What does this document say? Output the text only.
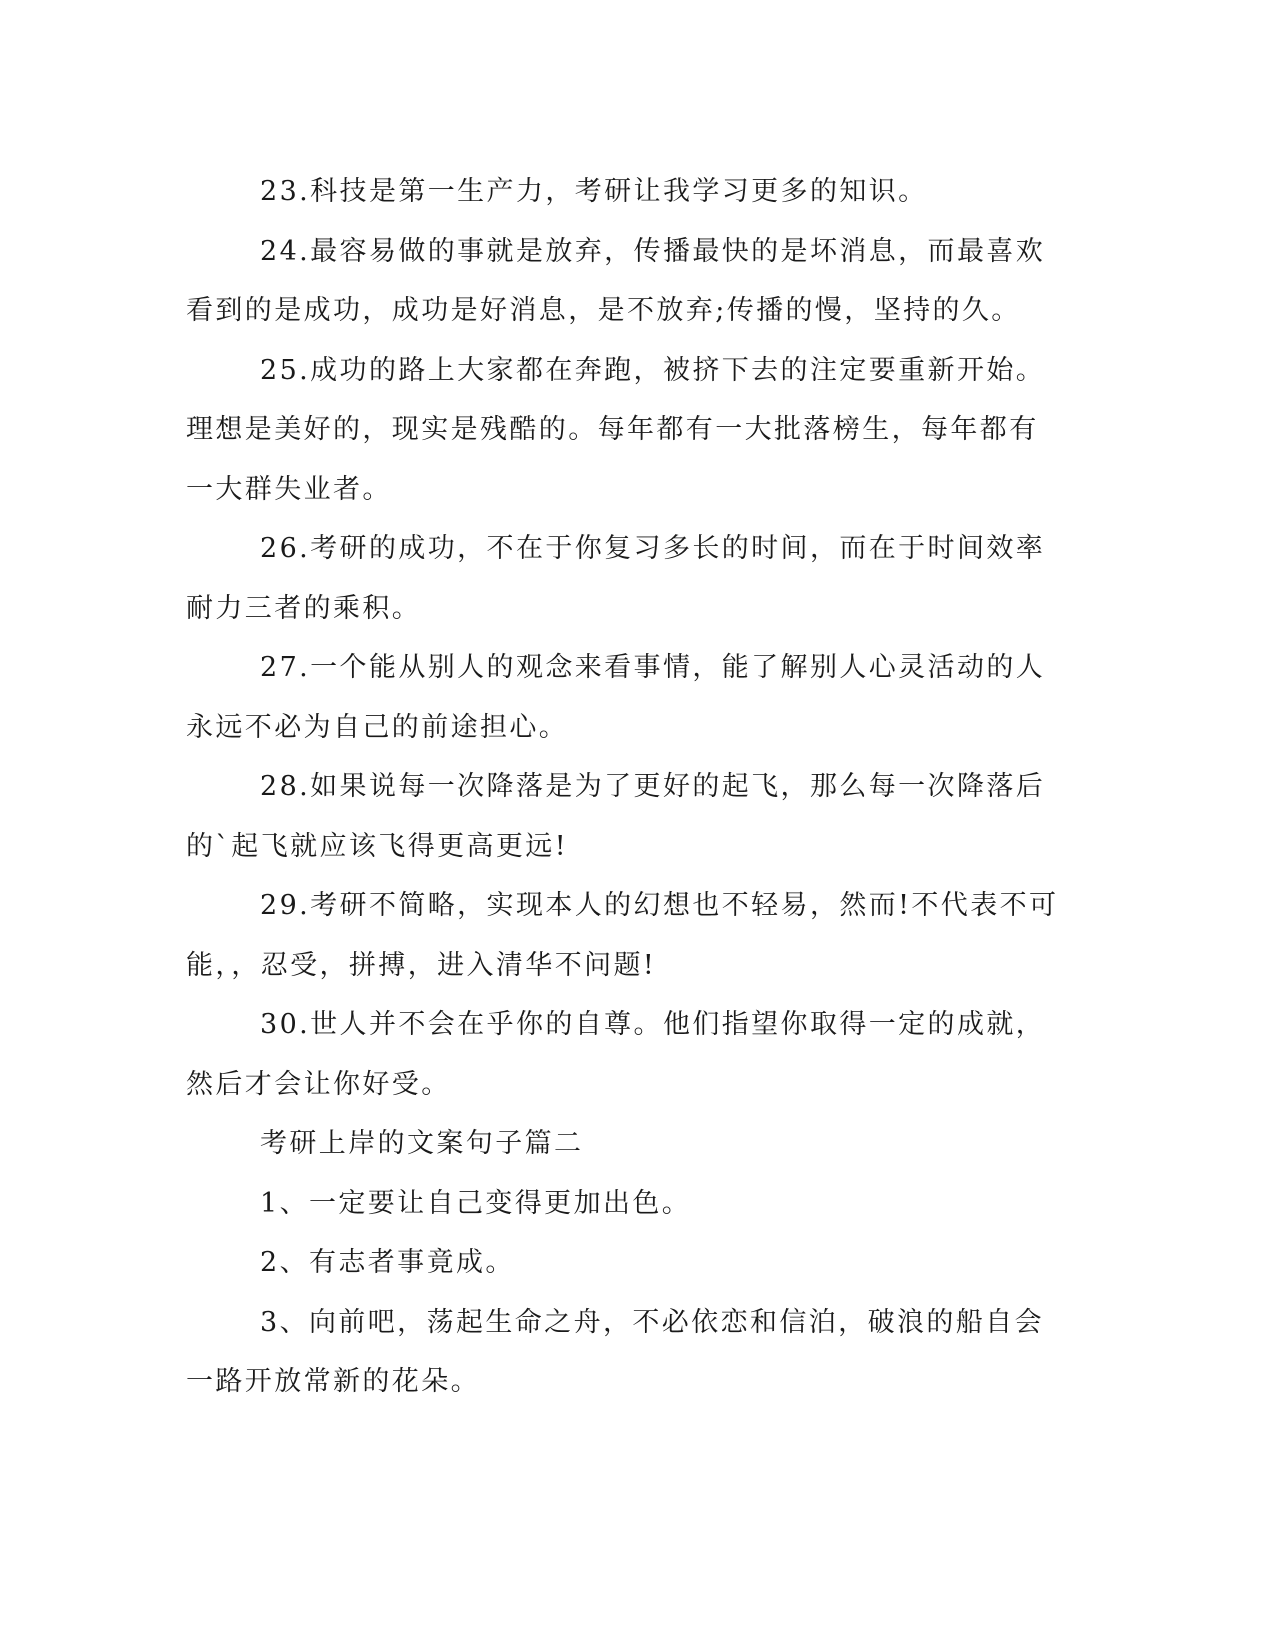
23.科技是第一生产力，考研让我学习更多的知识。

24.最容易做的事就是放弃，传播最快的是坏消息，而最喜欢看到的是成功，成功是好消息，是不放弃;传播的慢，坚持的久。

25.成功的路上大家都在奔跑，被挤下去的注定要重新开始。理想是美好的，现实是残酷的。每年都有一大批落榜生，每年都有一大群失业者。

26.考研的成功，不在于你复习多长的时间，而在于时间效率耐力三者的乘积。

27.一个能从别人的观念来看事情，能了解别人心灵活动的人永远不必为自己的前途担心。

28.如果说每一次降落是为了更好的起飞，那么每一次降落后的`起飞就应该飞得更高更远!

29.考研不简略，实现本人的幻想也不轻易，然而!不代表不可能，，忍受，拼搏，进入清华不问题!

30.世人并不会在乎你的自尊。他们指望你取得一定的成就，然后才会让你好受。

考研上岸的文案句子篇二

1、一定要让自己变得更加出色。

2、有志者事竟成。

3、向前吧，荡起生命之舟，不必依恋和信泊，破浪的船自会一路开放常新的花朵。
